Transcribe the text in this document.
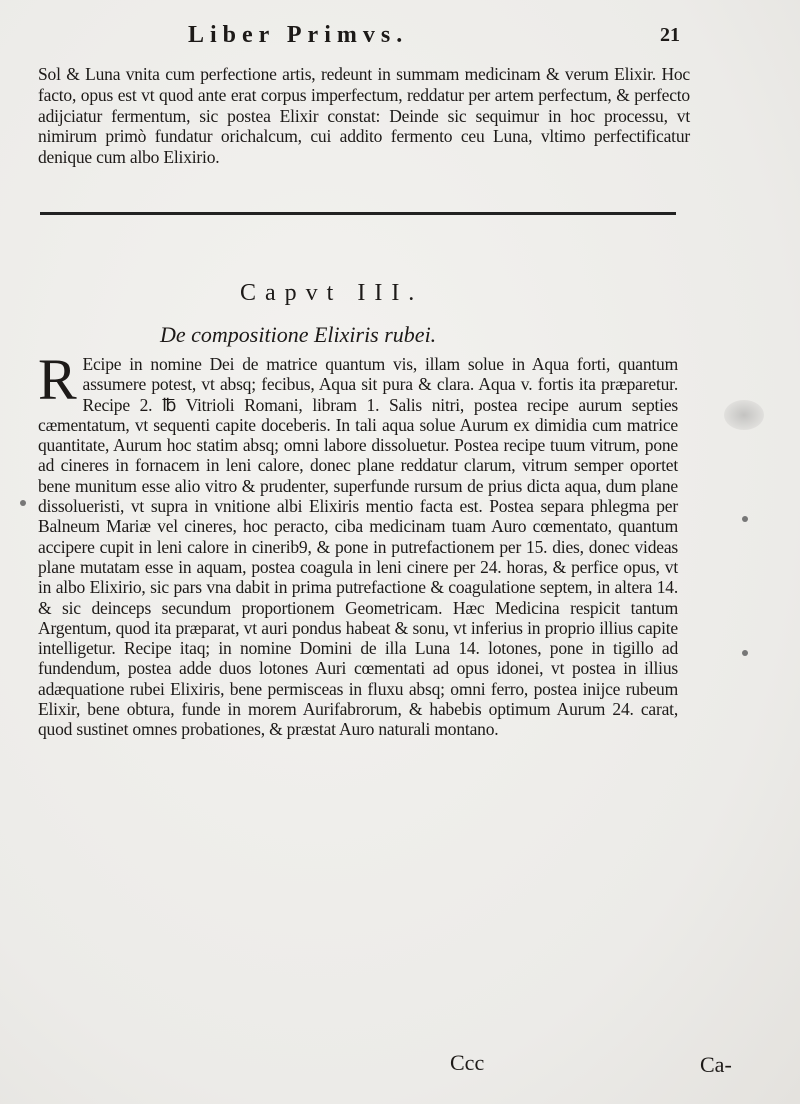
Liber Primvs.	21
Sol & Luna vnita cum perfectione artis, redeunt in summam medicinam & verum Elixir. Hoc facto, opus est vt quod ante erat corpus imperfectum, reddatur per artem perfectum, & perfecto adijciatur fermentum, sic postea Elixir constat: Deinde sic sequimur in hoc processu, vt nimirum primò fundatur orichalcum, cui addito fermento ceu Luna, vltimo perfectificatur denique cum albo Elixirio.
Capvt III.
De compositione Elixiris rubei.
R Ecipe in nomine Dei de matrice quantum vis, illam solue in Aqua forti, quantum assumere potest, vt absq; fecibus, Aqua sit pura & clara. Aqua v. fortis ita præparetur. Recipe 2. ℔ Vitrioli Romani, libram 1. Salis nitri, postea recipe aurum septies cæmentatum, vt sequenti capite doceberis. In tali aqua solue Aurum ex dimidia cum matrice quantitate, Aurum hoc statim absq; omni labore dissoluetur. Postea recipe tuum vitrum, pone ad cineres in fornacem in leni calore, donec plane reddatur clarum, vitrum semper oportet bene munitum esse alio vitro & prudenter, superfunde rursum de prius dicta aqua, dum plane dissolueristi, vt supra in vnitione albi Elixiris mentio facta est. Postea separa phlegma per Balneum Mariæ vel cineres, hoc peracto, ciba medicinam tuam Auro cœmentato, quantum accipere cupit in leni calore in cinerib9, & pone in putrefactionem per 15. dies, donec videas plane mutatam esse in aquam, postea coagula in leni cinere per 24. horas, & perfice opus, vt in albo Elixirio, sic pars vna dabit in prima putrefactione & coagulatione septem, in altera 14. & sic deinceps secundum proportionem Geometricam. Hæc Medicina respicit tantum Argentum, quod ita præparat, vt auri pondus habeat & sonu, vt inferius in proprio illius capite intelligetur. Recipe itaq; in nomine Domini de illa Luna 14. lotones, pone in tigillo ad fundendum, postea adde duos lotones Auri cœmentati ad opus idonei, vt postea in illius adæquatione rubei Elixiris, bene permisceas in fluxu absq; omni ferro, postea inijce rubeum Elixir, bene obtura, funde in morem Aurifabrorum, & habebis optimum Aurum 24. carat, quod sustinet omnes probationes, & præstat Auro naturali montano.
Ccc	Ca-
